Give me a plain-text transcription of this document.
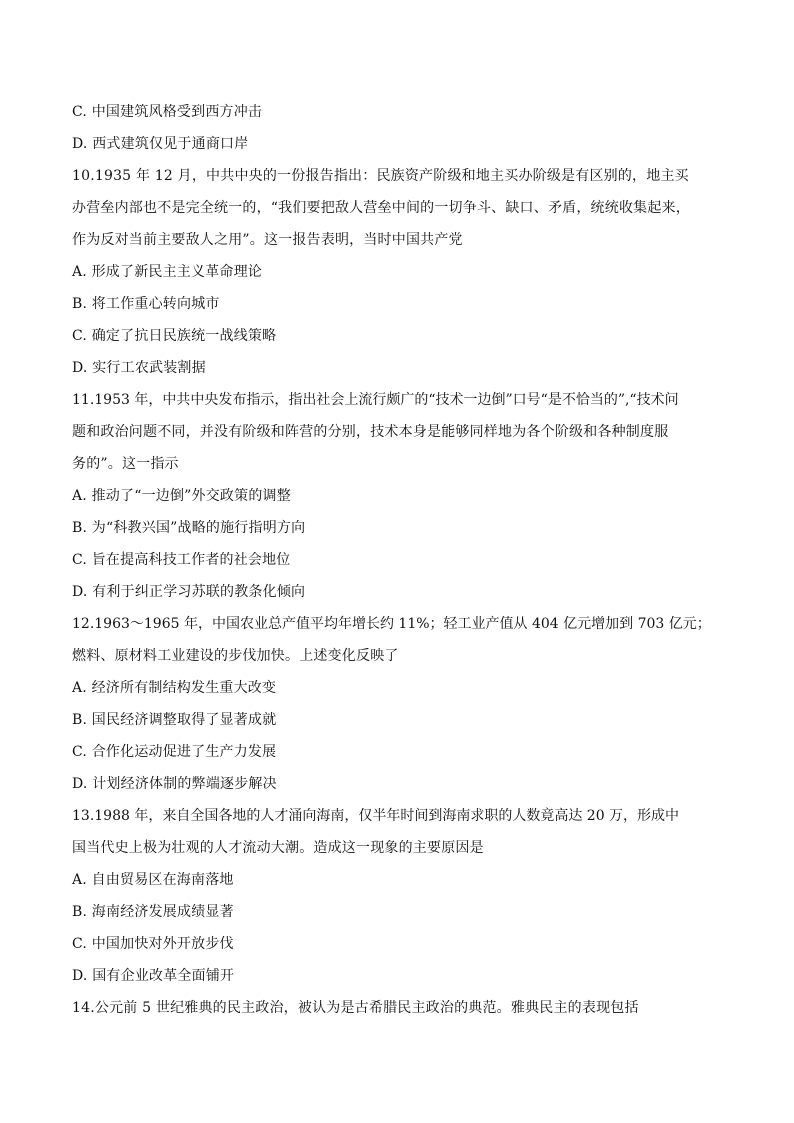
C. 中国建筑风格受到西方冲击
D. 西式建筑仅见于通商口岸
10.1935 年 12 月，中共中央的一份报告指出：民族资产阶级和地主买办阶级是有区别的，地主买
办营垒内部也不是完全统一的，“我们要把敌人营垒中间的一切争斗、缺口、矛盾，统统收集起来，
作为反对当前主要敌人之用”。这一报告表明，当时中国共产党
A. 形成了新民主主义革命理论
B. 将工作重心转向城市
C. 确定了抗日民族统一战线策略
D. 实行工农武装割据
11.1953 年，中共中央发布指示，指出社会上流行颇广的“技术一边倒”口号“是不恰当的”,“技术问
题和政治问题不同，并没有阶级和阵营的分别，技术本身是能够同样地为各个阶级和各种制度服
务的”。这一指示
A. 推动了“一边倒”外交政策的调整
B. 为“科教兴国”战略的施行指明方向
C. 旨在提高科技工作者的社会地位
D. 有利于纠正学习苏联的教条化倾向
12.1963～1965 年，中国农业总产值平均年增长约 11%；轻工业产值从 404 亿元增加到 703 亿元；
燃料、原材料工业建设的步伐加快。上述变化反映了
A. 经济所有制结构发生重大改变
B. 国民经济调整取得了显著成就
C. 合作化运动促进了生产力发展
D. 计划经济体制的弊端逐步解决
13.1988 年，来自全国各地的人才涌向海南，仅半年时间到海南求职的人数竟高达 20 万，形成中
国当代史上极为壮观的人才流动大潮。造成这一现象的主要原因是
A. 自由贸易区在海南落地
B. 海南经济发展成绩显著
C. 中国加快对外开放步伐
D. 国有企业改革全面铺开
14.公元前 5 世纪雅典的民主政治，被认为是古希腊民主政治的典范。雅典民主的表现包括
